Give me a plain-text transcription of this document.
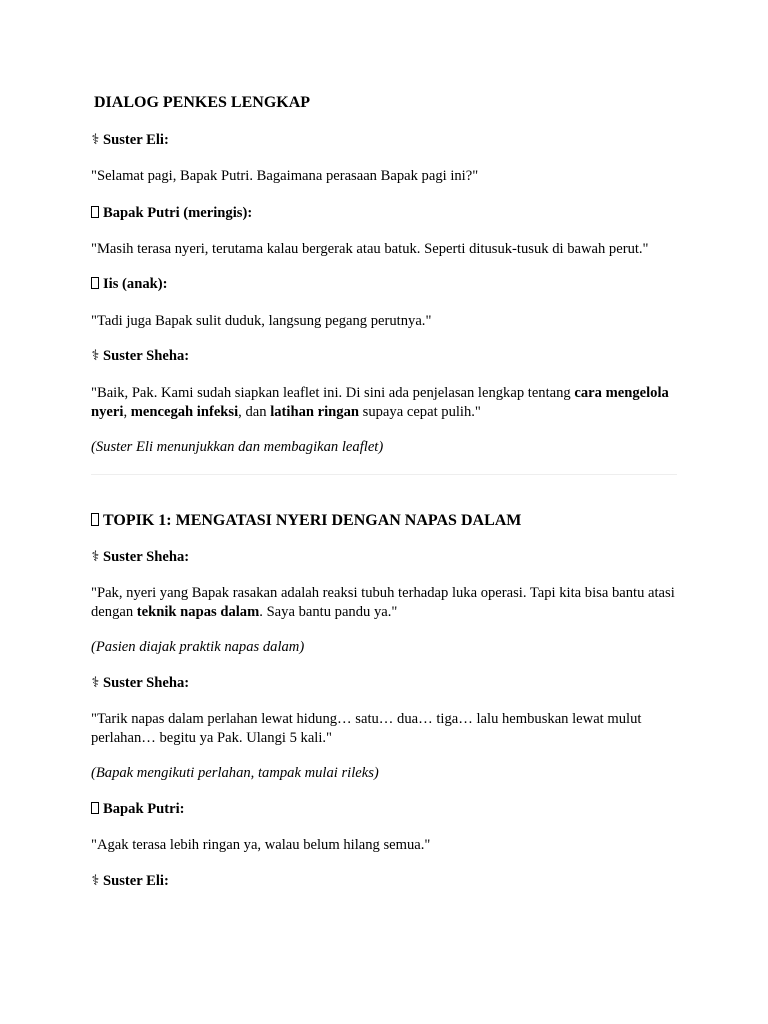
DIALOG PENKES LENGKAP

⚕ Suster Eli:

"Selamat pagi, Bapak Putri. Bagaimana perasaan Bapak pagi ini?"

Bapak Putri (meringis):

"Masih terasa nyeri, terutama kalau bergerak atau batuk. Seperti ditusuk-tusuk di bawah perut."

Iis (anak):

"Tadi juga Bapak sulit duduk, langsung pegang perutnya."

⚕ Suster Sheha:

"Baik, Pak. Kami sudah siapkan leaflet ini. Di sini ada penjelasan lengkap tentang cara mengelola nyeri, mencegah infeksi, dan latihan ringan supaya cepat pulih."

(Suster Eli menunjukkan dan membagikan leaflet)

TOPIK 1: MENGATASI NYERI DENGAN NAPAS DALAM

⚕ Suster Sheha:

"Pak, nyeri yang Bapak rasakan adalah reaksi tubuh terhadap luka operasi. Tapi kita bisa bantu atasi dengan teknik napas dalam. Saya bantu pandu ya."

(Pasien diajak praktik napas dalam)

⚕ Suster Sheha:

"Tarik napas dalam perlahan lewat hidung… satu… dua… tiga… lalu hembuskan lewat mulut perlahan… begitu ya Pak. Ulangi 5 kali."

(Bapak mengikuti perlahan, tampak mulai rileks)

Bapak Putri:

"Agak terasa lebih ringan ya, walau belum hilang semua."

⚕ Suster Eli:
